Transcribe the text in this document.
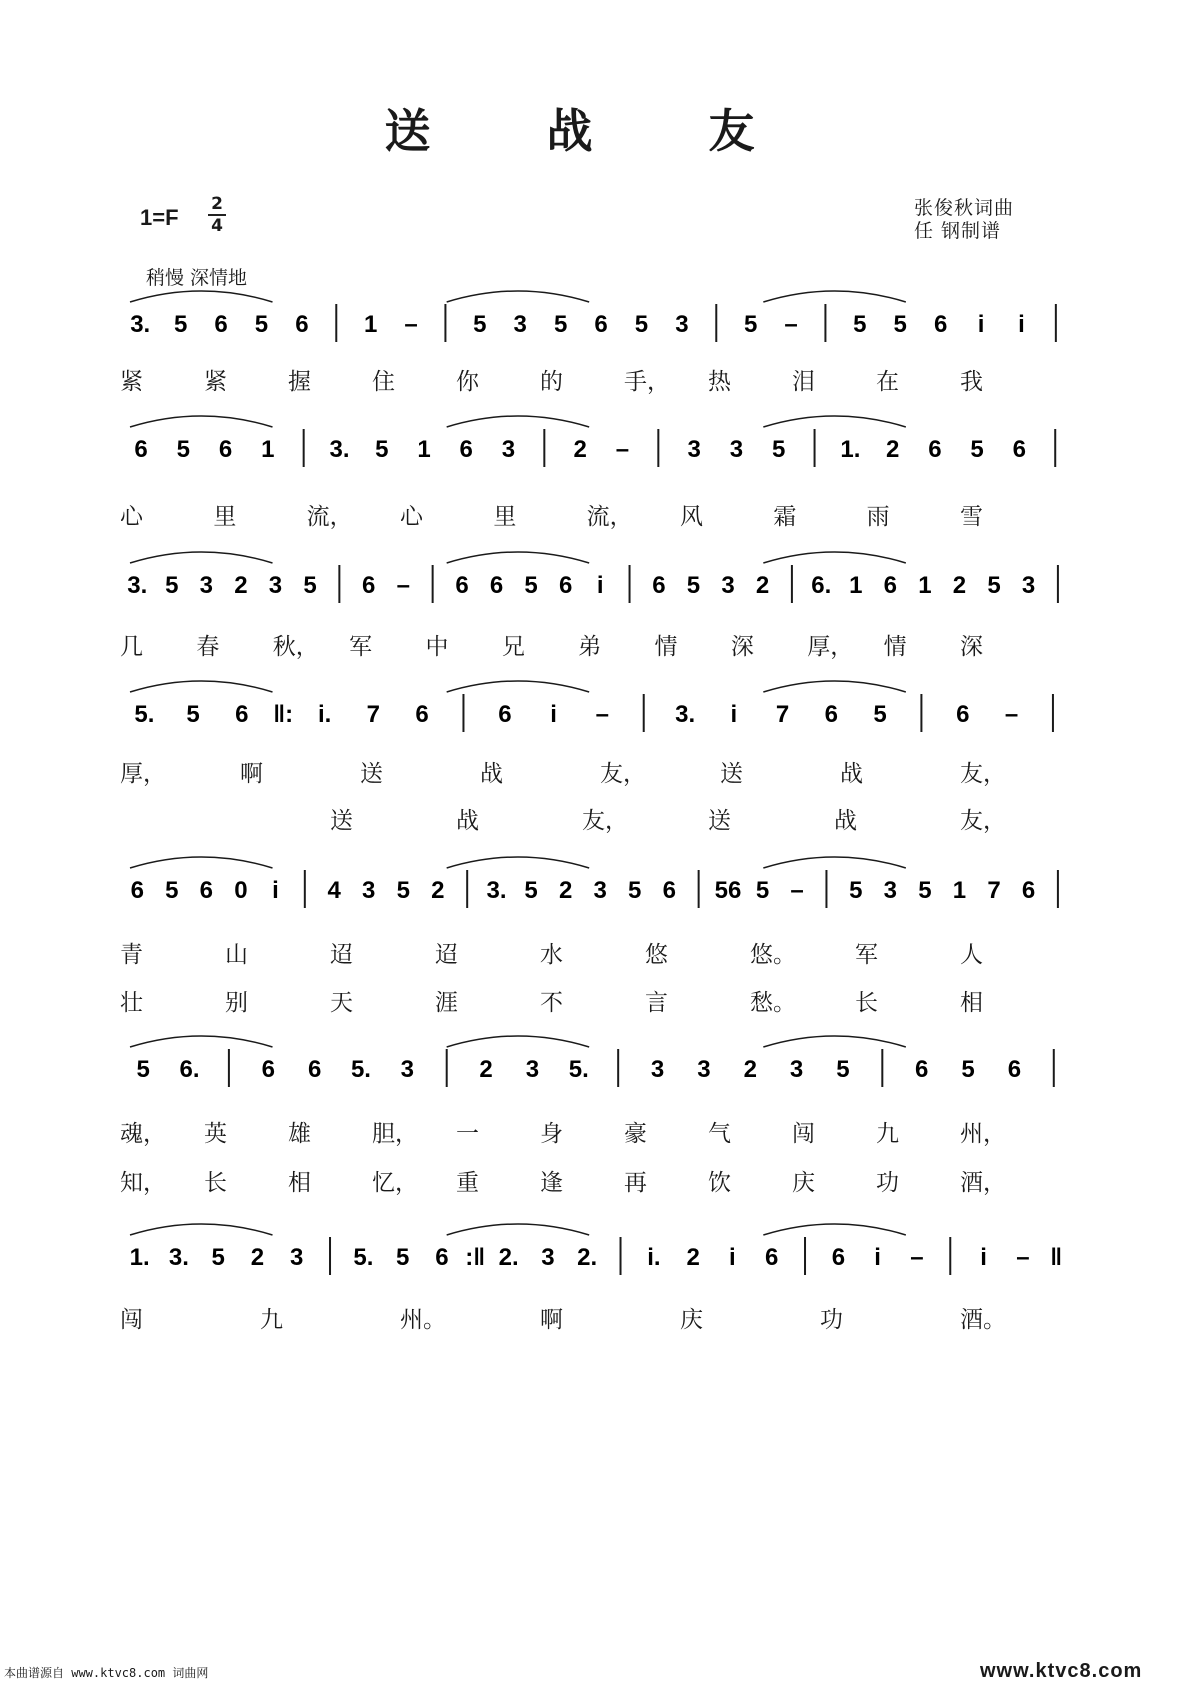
送 战 友
1=F
2
4
张俊秋词曲
任 钢制谱
稍慢 深情地
3. 5 6 5 6 1 – 5 3 5 6 5 3 5 – 5 5 6 i i
6 5 6 1 3. 5 1 6 3 2 – 3 3 5 1. 2 6 5 6
3. 5 3 2 3 5 6 – 6 6 5 6 i 6 5 3 2 6. 1 6 1 2 5 3
5. 5 6 ‖: i. 7 6	6 i –	3. i 7 6 5	6 –
6 5 6 0 i 4 3 5 2 3. 5 2 3 5 6 56 5 – 5 3 5 1 7 6
5 6.	6 6 5. 3	2 3 5.	3 3 2 3 5	6 5 6
1. 3. 5 2 3 5. 5 6 :‖ 2. 3 2. i. 2 i 6 6 i – i – ‖
紧	紧	握	住	你	的	手， 热	泪	在	我
心	里	流， 心	里	流， 风	霜	雨	雪
几 春 秋， 军 中 兄 弟 情 深 厚， 情 深
厚，	啊	送	战	友，	送	战	友，
送	战	友，	送	战	友，
青	山	迢	迢	水	悠	悠。	军	人
壮	别	天	涯	不	言	愁。	长	相
魂， 英	雄	胆， 一	身	豪	气	闯	九	州，
知， 长	相	忆， 重	逢	再	饮	庆	功	酒，
闯	九	州。	啊	庆	功	酒。
本曲谱源自 www.ktvc8.com 词曲网	www.ktvc8.com
